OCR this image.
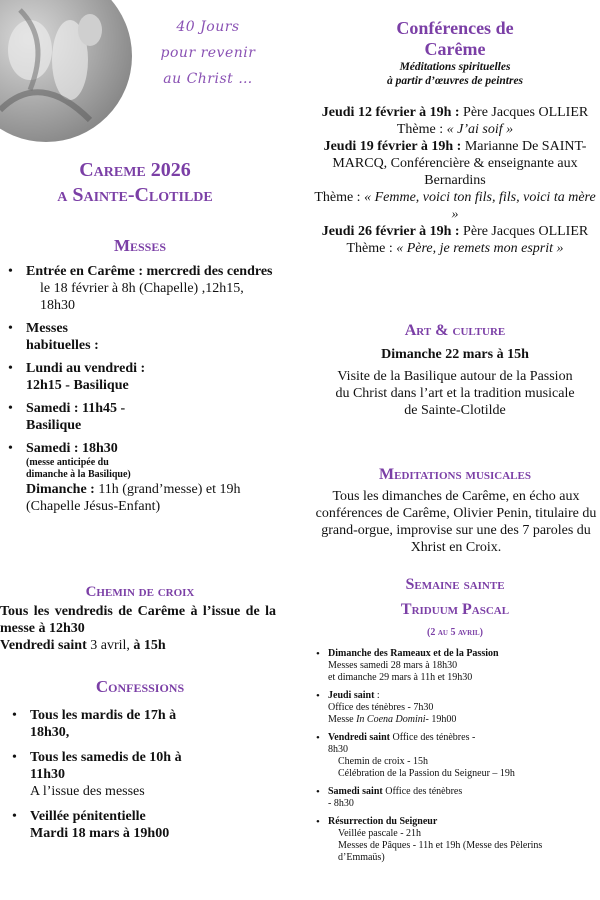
40 Jours
pour revenir
au Christ …
Careme 2026
a Sainte-Clotilde
Messes
• Entrée en Carême : mercredi des cendres
le 18 février à 8h (Chapelle) ,12h15, 18h30
• Messes habituelles :
• Lundi au vendredi : 12h15 - Basilique
• Samedi : 11h45 - Basilique
• Samedi : 18h30
(messe anticipée du dimanche à la Basilique)
Dimanche : 11h (grand’messe) et 19h (Chapelle Jésus-Enfant)
Chemin de croix
Tous les vendredis de Carême à l’issue de la messe à 12h30
Vendredi saint 3 avril, à 15h
Confessions
• Tous les mardis de 17h à 18h30,
• Tous les samedis de 10h à 11h30
A l’issue des messes
• Veillée pénitentielle
Mardi 18 mars à 19h00
Conférences de
Carême
Méditations spirituelles
à partir d’œuvres de peintres
Jeudi 12 février à 19h : Père Jacques OLLIER
Thème : « J’ai soif »
Jeudi 19 février à 19h : Marianne De SAINT-MARCQ, Conférencière & enseignante aux Bernardins
Thème : « Femme, voici ton fils, fils, voici ta mère »
Jeudi 26 février à 19h : Père Jacques OLLIER
Thème : « Père, je remets mon esprit »
Art & culture
Dimanche 22 mars à 15h
Visite de la Basilique autour de la Passion du Christ dans l’art et la tradition musicale de Sainte-Clotilde
Meditations musicales
Tous les dimanches de Carême, en écho aux conférences de Carême, Olivier Penin, titulaire du grand-orgue, improvise sur une des 7 paroles du Xhrist en Croix.
Semaine sainte
Triduum Pascal
(2 au 5 avril)
• Dimanche des Rameaux et de la Passion
Messes samedi 28 mars à 18h30
et dimanche 29 mars à 11h et 19h30
• Jeudi saint :
Office des ténèbres - 7h30
Messe In Coena Domini- 19h00
• Vendredi saint Office des ténèbres - 8h30
Chemin de croix - 15h
Célébration de la Passion du Seigneur – 19h
• Samedi saint Office des ténèbres - 8h30
• Résurrection du Seigneur
Veillée pascale - 21h
Messes de Pâques - 11h et 19h (Messe des Pèlerins d’Emmaüs)
